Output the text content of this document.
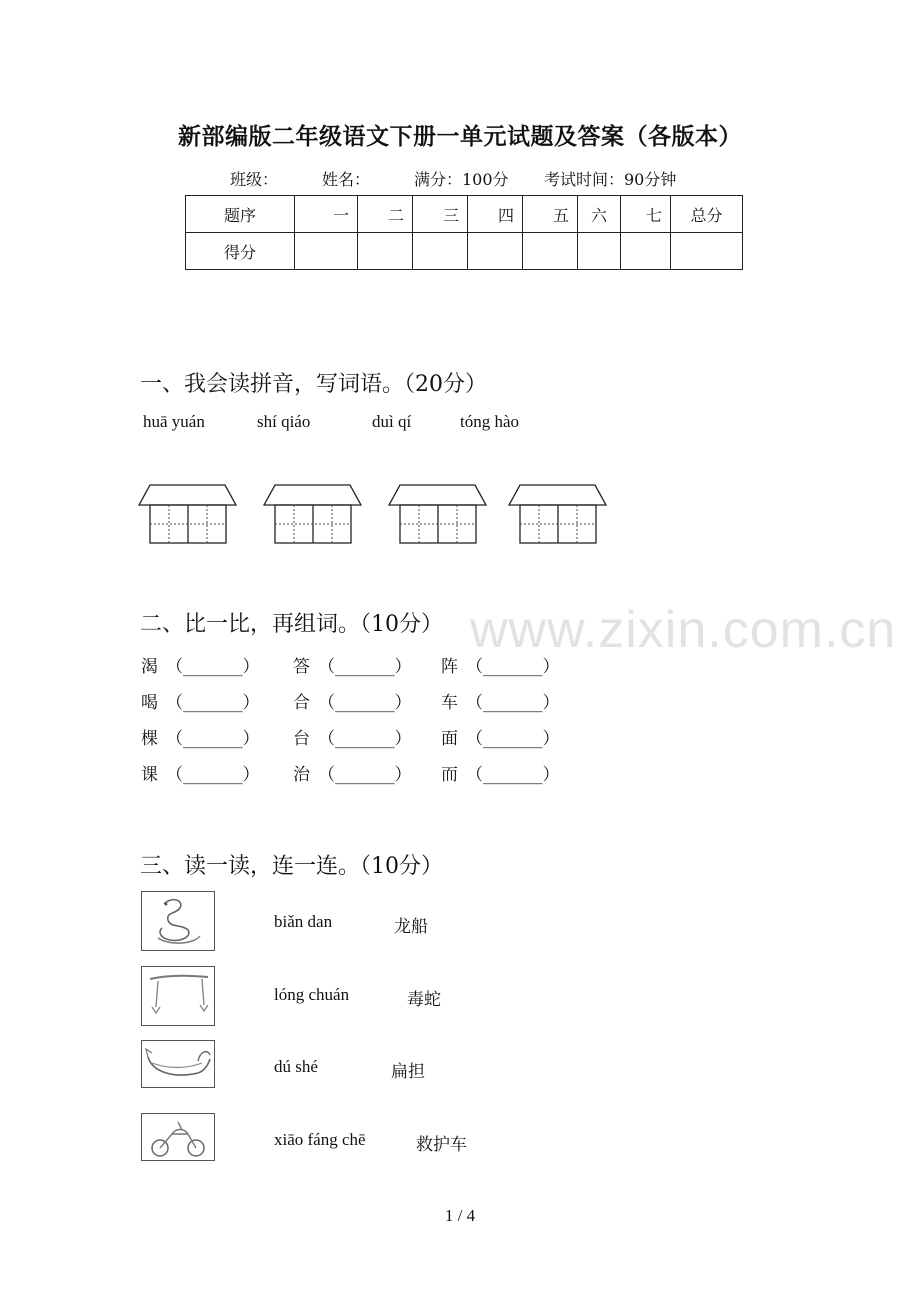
新部编版二年级语文下册一单元试题及答案（各版本）
班级：	姓名：	满分：100分 考试时间：90分钟
题序	一	二	三	四	五	六	七	总分
得分								
一、我会读拼音，写词语。（20分）
huā yuán	shí qiáo	duì qí	tóng hào
www.zixin.com.cn
二、比一比，再组词。（10分）
渴 （_______） 答 （_______） 阵 （_______）
喝 （_______） 合 （_______） 车 （_______）
棵 （_______） 台 （_______） 面 （_______）
课 （_______） 治 （_______） 而 （_______）
三、读一读，连一连。（10分）
biǎn dan	龙船
lóng chuán	毒蛇
dú shé	扁担
xiāo fáng chē	救护车
1 / 4
